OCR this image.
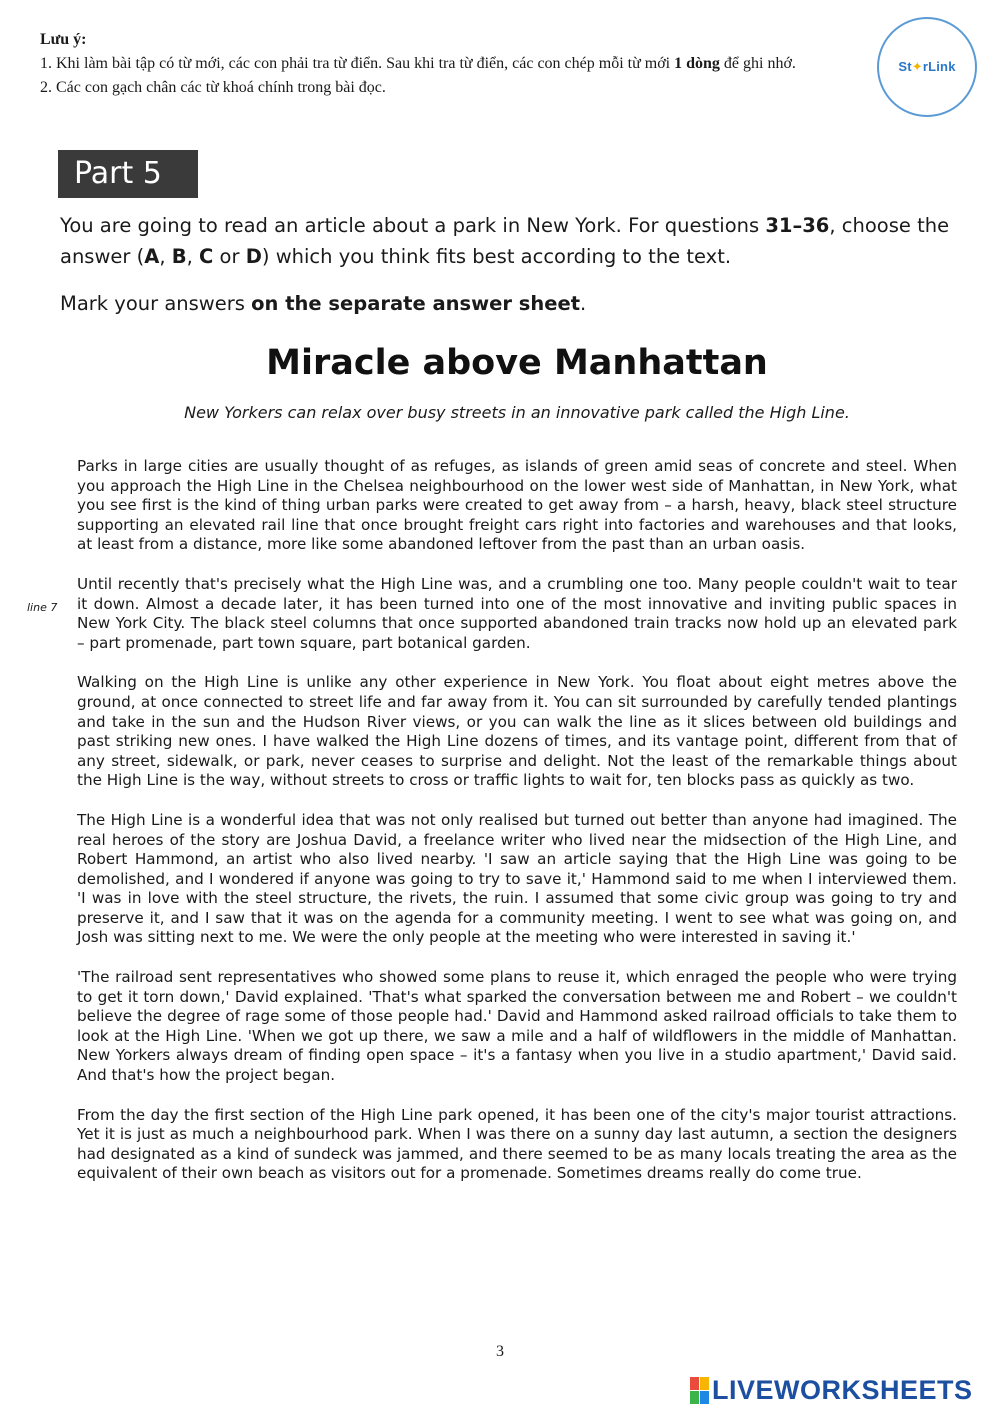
Lưu ý:

1. Khi làm bài tập có từ mới, các con phải tra từ điển. Sau khi tra từ điển, các con chép mỗi từ mới 1 dòng để ghi nhớ.

2. Các con gạch chân các từ khoá chính trong bài đọc.

St✦rLink
Part 5

You are going to read an article about a park in New York. For questions 31–36, choose the answer (A, B, C or D) which you think fits best according to the text.

Mark your answers on the separate answer sheet.

Miracle above Manhattan
New Yorkers can relax over busy streets in an innovative park called the High Line.
line 7

Parks in large cities are usually thought of as refuges, as islands of green amid seas of concrete and steel. When you approach the High Line in the Chelsea neighbourhood on the lower west side of Manhattan, in New York, what you see first is the kind of thing urban parks were created to get away from – a harsh, heavy, black steel structure supporting an elevated rail line that once brought freight cars right into factories and warehouses and that looks, at least from a distance, more like some abandoned leftover from the past than an urban oasis.

Until recently that's precisely what the High Line was, and a crumbling one too. Many people couldn't wait to tear it down. Almost a decade later, it has been turned into one of the most innovative and inviting public spaces in New York City. The black steel columns that once supported abandoned train tracks now hold up an elevated park – part promenade, part town square, part botanical garden.

Walking on the High Line is unlike any other experience in New York. You float about eight metres above the ground, at once connected to street life and far away from it. You can sit surrounded by carefully tended plantings and take in the sun and the Hudson River views, or you can walk the line as it slices between old buildings and past striking new ones. I have walked the High Line dozens of times, and its vantage point, different from that of any street, sidewalk, or park, never ceases to surprise and delight. Not the least of the remarkable things about the High Line is the way, without streets to cross or traffic lights to wait for, ten blocks pass as quickly as two.

The High Line is a wonderful idea that was not only realised but turned out better than anyone had imagined. The real heroes of the story are Joshua David, a freelance writer who lived near the midsection of the High Line, and Robert Hammond, an artist who also lived nearby. 'I saw an article saying that the High Line was going to be demolished, and I wondered if anyone was going to try to save it,' Hammond said to me when I interviewed them. 'I was in love with the steel structure, the rivets, the ruin. I assumed that some civic group was going to try and preserve it, and I saw that it was on the agenda for a community meeting. I went to see what was going on, and Josh was sitting next to me. We were the only people at the meeting who were interested in saving it.'

'The railroad sent representatives who showed some plans to reuse it, which enraged the people who were trying to get it torn down,' David explained. 'That's what sparked the conversation between me and Robert – we couldn't believe the degree of rage some of those people had.' David and Hammond asked railroad officials to take them to look at the High Line. 'When we got up there, we saw a mile and a half of wildflowers in the middle of Manhattan. New Yorkers always dream of finding open space – it's a fantasy when you live in a studio apartment,' David said. And that's how the project began.

From the day the first section of the High Line park opened, it has been one of the city's major tourist attractions. Yet it is just as much a neighbourhood park. When I was there on a sunny day last autumn, a section the designers had designated as a kind of sundeck was jammed, and there seemed to be as many locals treating the area as the equivalent of their own beach as visitors out for a promenade. Sometimes dreams really do come true.

3
LIVEWORKSHEETS
